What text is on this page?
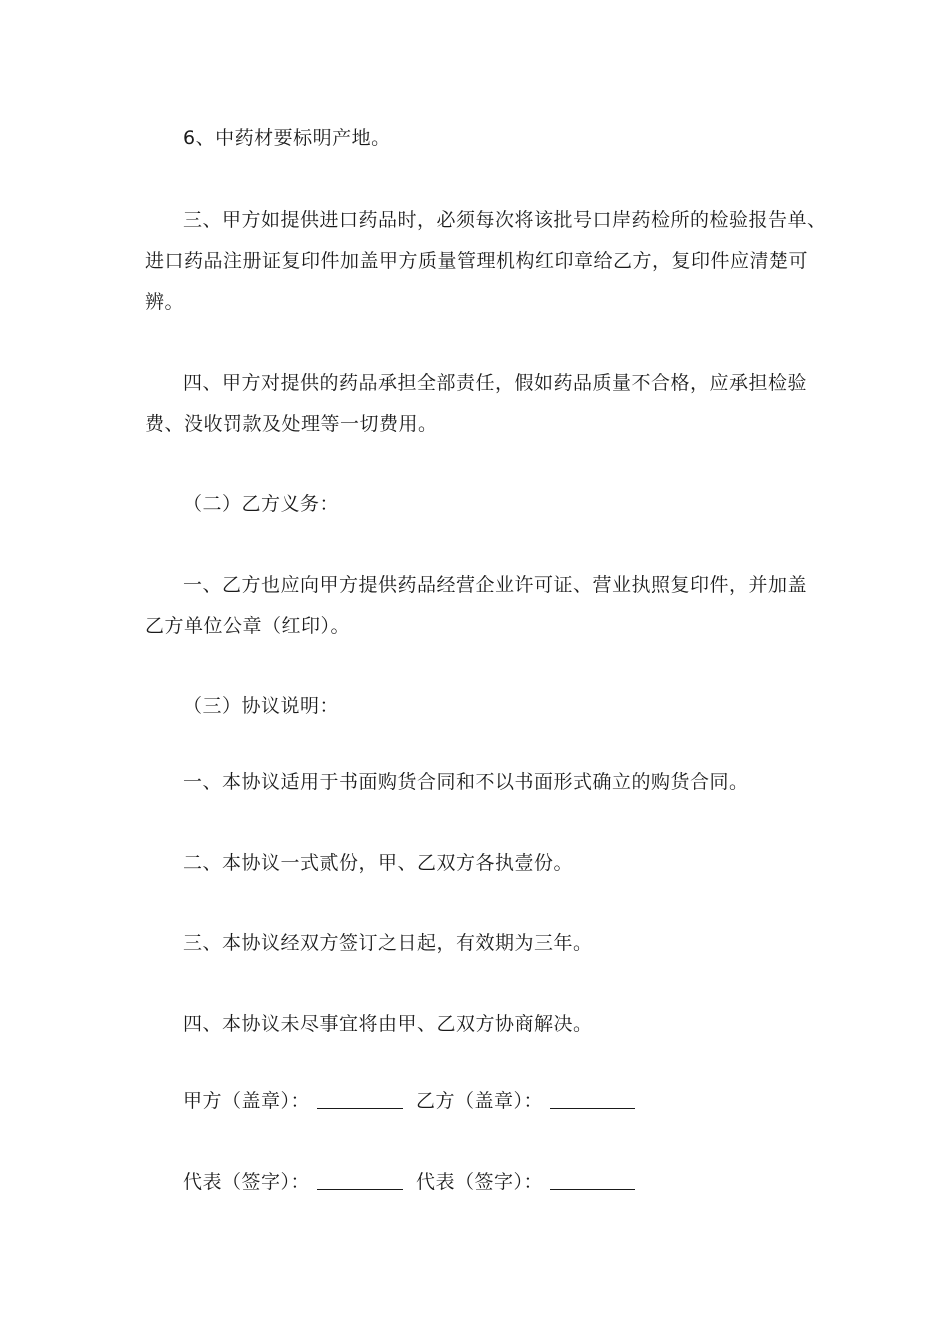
6、中药材要标明产地。
三、甲方如提供进口药品时，必须每次将该批号口岸药检所的检验报告单、
进口药品注册证复印件加盖甲方质量管理机构红印章给乙方，复印件应清楚可
辨。
四、甲方对提供的药品承担全部责任，假如药品质量不合格，应承担检验
费、没收罚款及处理等一切费用。
（二）乙方义务：
一、乙方也应向甲方提供药品经营企业许可证、营业执照复印件，并加盖
乙方单位公章（红印）。
（三）协议说明：
一、本协议适用于书面购货合同和不以书面形式确立的购货合同。
二、本协议一式贰份，甲、乙双方各执壹份。
三、本协议经双方签订之日起，有效期为三年。
四、本协议未尽事宜将由甲、乙双方协商解决。
甲方（盖章）：	乙方（盖章）：
代表（签字）：	代表（签字）：
